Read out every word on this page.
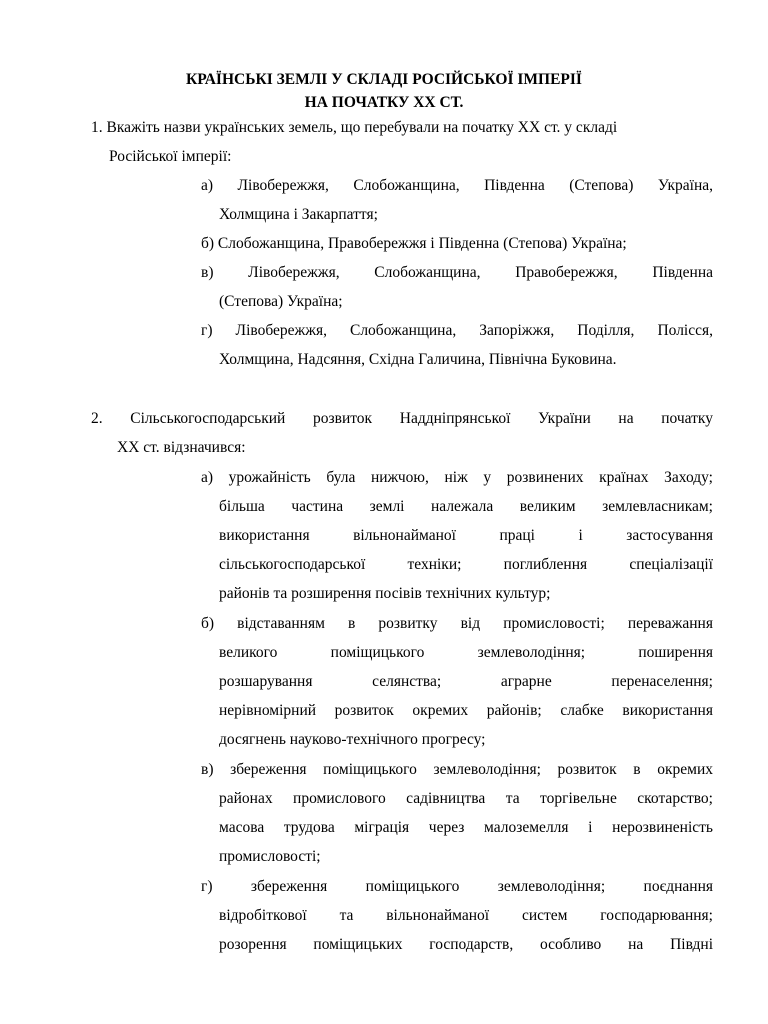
КРАЇНСЬКІ ЗЕМЛІ У СКЛАДІ РОСІЙСЬКОЇ ІМПЕРІЇ
НА ПОЧАТКУ ХХ СТ.
1. Вкажіть назви українських земель, що перебували на початку ХХ ст. у складі
Російської імперії:
а) Лівобережжя, Слобожанщина, Південна (Степова) Україна,
Холмщина і Закарпаття;
б) Слобожанщина, Правобережжя і Південна (Степова) Україна;
в) Лівобережжя, Слобожанщина, Правобережжя, Південна
(Степова) Україна;
г) Лівобережжя, Слобожанщина, Запоріжжя, Поділля, Полісся,
Холмщина, Надсяння, Східна Галичина, Північна Буковина.
2. Сільськогосподарський розвиток Наддніпрянської України на початку
ХХ ст. відзначився:
а) урожайність була нижчою, ніж у розвинених країнах Заходу;
більша частина землі належала великим землевласникам;
використання вільнонайманої праці і застосування
сільськогосподарської техніки; поглиблення спеціалізації
районів та розширення посівів технічних культур;
б) відставанням в розвитку від промисловості; переважання
великого поміщицького землеволодіння; поширення
розшарування селянства; аграрне перенаселення;
нерівномірний розвиток окремих районів; слабке використання
досягнень науково-технічного прогресу;
в) збереження поміщицького землеволодіння; розвиток в окремих
районах промислового садівництва та торгівельне скотарство;
масова трудова міграція через малоземелля і нерозвиненість
промисловості;
г) збереження поміщицького землеволодіння; поєднання
відробіткової та вільнонайманої систем господарювання;
розорення поміщицьких господарств, особливо на Півдні
